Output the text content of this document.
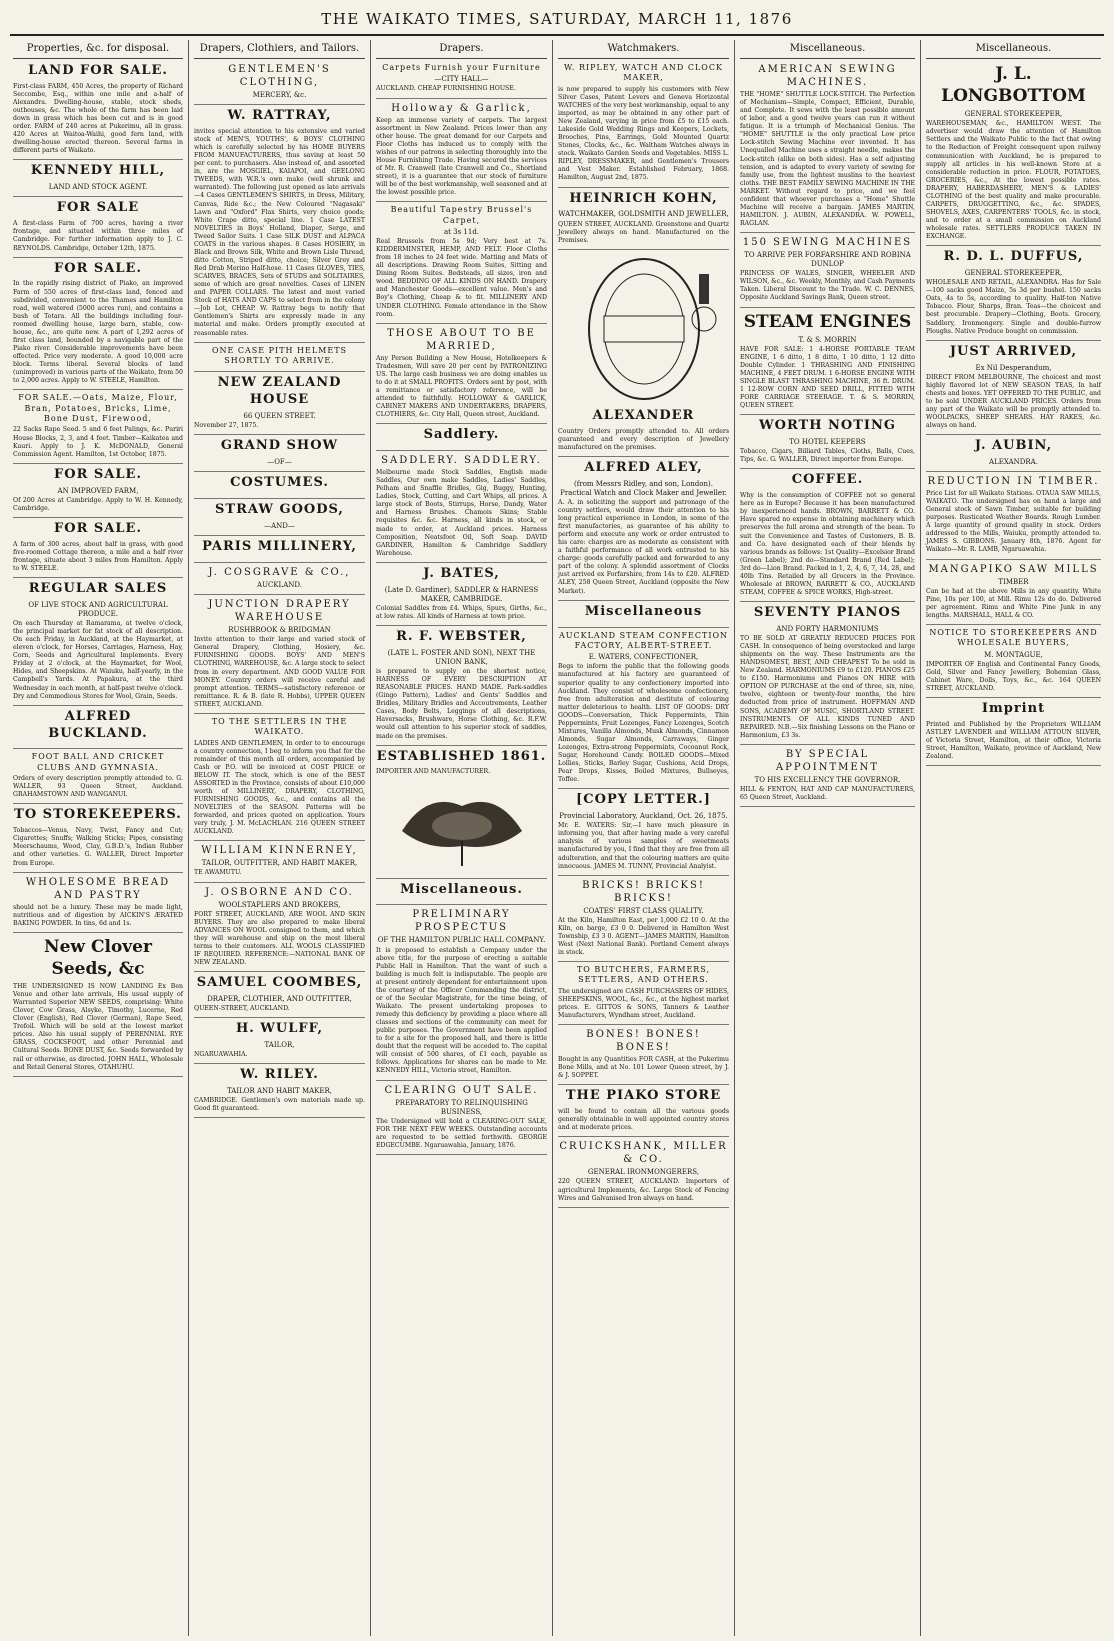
THE WAIKATO TIMES, SATURDAY, MARCH 11, 1876
Properties, &c. for disposal.
LAND FOR SALE.

First-class FARM, 450 Acres, the property of Richard Seccombe, Esq., within one mile and a-half of Alexandra. Dwelling-house, stable, stock sheds, outhouses, &c. The whole of the farm has been laid down in grass which has been cut and is in good order. FARM of 240 acres at Pukerimu, all in grass. 420 Acres at Waitoa-Waihi, good fern land, with dwelling-house erected thereon. Several farms in different parts of Waikato.

KENNEDY HILL,
LAND AND STOCK AGENT.
FOR SALE

A first-class Farm of 700 acres, having a river frontage, and situated within three miles of Cambridge. For further information apply to J. C. REYNOLDS. Cambridge, October 12th, 1875.

FOR SALE.

In the rapidly rising district of Piako, an improved Farm of 550 acres of first-class land, fenced and subdivided, convenient to the Thames and Hamilton road, well watered (5000 acres run), and contains a bush of Totara. All the buildings including four-roomed dwelling house, large barn, stable, cow-house, &c., are quite new. A part of 1,292 acres of first class land, bounded by a navigable part of the Piako river. Considerable improvements have been effected. Price very moderate. A good 10,000 acre block. Terms liberal. Several blocks of land (unimproved) in various parts of the Waikato, from 50 to 2,000 acres. Apply to W. STEELE, Hamilton.

FOR SALE.—Oats, Maize, Flour, Bran, Potatoes, Bricks, Lime, Bone Dust, Firewood,

22 Sacks Rape Seed. 5 and 6 feet Palings, &c. Puriri House Blocks, 2, 3, and 4 feet. Timber—Kaikatea and Kauri. Apply to J. K. McDONALD, General Commission Agent. Hamilton, 1st October, 1875.

FOR SALE.
AN IMPROVED FARM,

Of 200 Acres at Cambridge. Apply to W. H. Kennedy, Cambridge.

FOR SALE.

A farm of 300 acres, about half in grass, with good five-roomed Cottage thereon, a mile and a half river frontage, situate about 3 miles from Hamilton. Apply to W. STEELE.

REGULAR SALES
OF LIVE STOCK AND AGRICULTURAL PRODUCE.

On each Thursday at Ramarama, at twelve o'clock, the principal market for fat stock of all description. On each Friday, in Auckland, at the Haymarket, at eleven o'clock, for Horses, Carriages, Harness, Hay, Corn, Seeds and Agricultural Implements. Every Friday at 2 o'clock, at the Haymarket, for Wool, Hides, and Sheepskins. At Waiuku, half-yearly, in the Campbell's Yards. At Papakura, at the third Wednesday in each month, at half-past twelve o'clock. Dry and Commodious Stores for Wool, Grain, Seeds.

ALFRED BUCKLAND.
FOOT BALL AND CRICKET CLUBS AND GYMNASIA.

Orders of every description promptly attended to. G. WALLER, 93 Queen Street, Auckland. GRAHAMSTOWN AND WANGANUI.

TO STOREKEEPERS.

Tobaccos—Venus, Navy, Twist, Fancy and Cut; Cigarettes; Snuffs; Walking Sticks; Pipes, consisting Meerschaums, Wood, Clay, G.B.D.'s, Indian Rubber and other varieties. G. WALLER, Direct Importer from Europe.

WHOLESOME BREAD AND PASTRY

should not be a luxury. These may be made light, nutritious and of digestion by AICKIN'S ÆRATED BAKING POWDER. In tins, 6d and 1s.

New Clover Seeds, &c

THE UNDERSIGNED IS NOW LANDING Ex Ben Venue and other late arrivals, His usual supply of Warranted Superior NEW SEEDS, comprising: White Clover, Cow Grass, Alsyke, Timothy, Lucerne, Red Clover (English), Red Clover (German), Rape Seed, Trefoil. Which will be sold at the lowest market prices. Also his usual supply of PERENNIAL RYE GRASS, COCKSFOOT, and other Perennial and Cultural Seeds. BONE DUST, &c. Seeds forwarded by rail or otherwise, as directed. JOHN HALL, Wholesale and Retail General Stores, OTAHUHU.

Drapers, Clothiers, and Tailors.
GENTLEMEN'S CLOTHING,
MERCERY, &c.
W. RATTRAY,

invites special attention to his extensive and varied stock of MEN'S, YOUTHS', & BOYS' CLOTHING which is carefully selected by his HOME BUYERS FROM MANUFACTURERS, thus saving at least 50 per cent. to purchasers. Also instead of, and assorted in, are the MOSGIEL, KAIAPOI, and GEELONG TWEEDS, with W.R.'s own make (well shrunk and warranted). The following just opened as late arrivals—4 Cases GENTLEMEN'S SHIRTS, in Dress, Military, Canvas, Ride &c.; the New Coloured "Nagasaki" Lawn and "Oxford" Flax Shirts, very choice goods; White Crape ditto, special line. 1 Case LATEST NOVELTIES in Boys' Holland, Diaper, Serge, and Tweed Sailor Suits. 1 Case SILK DUST and ALPACA COATS in the various shapes. 8 Cases HOSIERY, in Black and Brown Silk, White and Brown Lisle Thread, ditto Cotton, Striped ditto, choice; Silver Grey and Red Drab Merino Half-hose. 11 Cases GLOVES, TIES, SCARVES, BRACES, Sets of STUDS and SOLITAIRES, some of which are great novelties. Cases of LINEN and PAPER COLLARS. The latest and most varied Stock of HATS AND CAPS to select from in the colony—Job Lot, CHEAP. W. Rattray begs to notify that Gentlemen's Shirts are expressly made in any material and make. Orders promptly executed at reasonable rates.

ONE CASE PITH HELMETS SHORTLY TO ARRIVE.
NEW ZEALAND HOUSE
66 QUEEN STREET.

November 27, 1875.

GRAND SHOW
—OF—
COSTUMES.
STRAW GOODS,
—AND—
PARIS MILLINERY,
J. COSGRAVE & CO.,
AUCKLAND.
JUNCTION DRAPERY WAREHOUSE
RUSHBROOK & BRIDGMAN

Invite attention to their large and varied stock of General Drapery, Clothing, Hosiery, &c. FURNISHING GOODS. BOYS' AND MEN'S CLOTHING, WAREHOUSE, &c. A large stock to select from in every department. AND GOOD VALUE FOR MONEY. Country orders will receive careful and prompt attention. TERMS—satisfactory reference or remittance. R. & B. (late R. Hobbs), UPPER QUEEN STREET, AUCKLAND.

TO THE SETTLERS IN THE WAIKATO.

LADIES AND GENTLEMEN, In order to to encourage a country connection, I beg to inform you that for the remainder of this month all orders, accompanied by Cash or P.O. will be invoiced at COST PRICE or BELOW IT. The stock, which is one of the BEST ASSORTED in the Province, consists of about £10,000 worth of MILLINERY, DRAPERY, CLOTHING, FURNISHING GOODS, &c., and contains all the NOVELTIES of the SEASON. Patterns will be forwarded, and prices quoted on application. Yours very truly, J. M. McLACHLAN. 216 QUEEN STREET AUCKLAND.

WILLIAM KINNERNEY,
TAILOR, OUTFITTER, AND HABIT MAKER,

TE AWAMUTU.

J. OSBORNE AND CO.
WOOLSTAPLERS AND BROKERS,

FORT STREET, AUCKLAND, ARE WOOL AND SKIN BUYERS. They are also prepared to make liberal ADVANCES ON WOOL consigned to them, and which they will warehouse and ship on the most liberal terms to their customers. ALL WOOLS CLASSIFIED IF REQUIRED. REFERENCE:—NATIONAL BANK OF NEW ZEALAND.

SAMUEL COOMBES,
DRAPER, CLOTHIER, AND OUTFITTER,

QUEEN-STREET, AUCKLAND.

H. WULFF,
TAILOR,

NGARUAWAHIA.

W. RILEY.
TAILOR AND HABIT MAKER,

CAMBRIDGE. Gentlemen's own materials made up. Good fit guaranteed.

Drapers.
Carpets Furnish your Furniture
—CITY HALL—

AUCKLAND. CHEAP FURNISHING HOUSE.

Holloway & Garlick,

Keep an immense variety of carpets. The largest assortment in New Zealand. Prices lower than any other house. The great demand for our Carpets and Floor Cloths has induced us to comply with the wishes of our patrons in selecting thoroughly into the House Furnishing Trade. Having secured the services of Mr. R. Cranwell (late Cranwell and Co., Shortland street), it is a guarantee that our stock of furniture will be of the best workmanship, well seasoned and at the lowest possible price.

Beautiful Tapestry Brussel's Carpet,
at 3s 11d.

Real Brussels from 5s 9d; Very best at 7s. KIDDERMINSTER, HEMP, AND FELT. Floor Cloths from 18 inches to 24 feet wide. Matting and Mats of all descriptions. Drawing Room Suites, Sitting and Dining Room Suites. Bedsteads, all sizes, iron and wood. BEDDING OF ALL KINDS ON HAND. Drapery and Manchester Goods—excellent value. Men's and Boy's Clothing, Cheap & to fit. MILLINERY AND UNDER CLOTHING. Female attendance in the Show room.

THOSE ABOUT TO BE MARRIED,

Any Person Building a New House, Hotelkeepers & Tradesmen, Will save 20 per cent by PATRONIZING US. The large cash business we are doing enables us to do it at SMALL PROFITS. Orders sent by post, with a remittance or satisfactory reference, will be attended to faithfully. HOLLOWAY & GARLICK, CABINET MAKERS AND UNDERTAKERS, DRAPERS, CLOTHIERS, &c. City Hall, Queen street, Auckland.

Saddlery.
SADDLERY. SADDLERY.

Melbourne made Stock Saddles, English made Saddles, Our own make Saddles, Ladies' Saddles, Pelham and Snaffle Bridles, Gig, Buggy, Hunting, Ladies, Stock, Cutting, and Cart Whips, all prices. A large stock of Boots, Stirrups, Horse, Dandy, Water and Harness Brushes. Chamois Skins; Stable requisites &c. &c. Harness, all kinds in stock, or made to order, at Auckland prices. Harness Composition, Neatsfoot Oil, Soft Soap. DAVID GARDINER, Hamilton & Cambridge Saddlery Warehouse.

J. BATES,
(Late D. Gardiner), SADDLER & HARNESS MAKER, CAMBRIDGE.

Colonial Saddles from £4. Whips, Spurs, Girths, &c., at low rates. All kinds of Harness at town price.

R. F. WEBSTER,
(LATE L. FOSTER AND SON), NEXT THE UNION BANK,

is prepared to supply on the shortest notice, HARNESS OF EVERY DESCRIPTION AT REASONABLE PRICES. HAND MADE. Park-saddles (Gingo Pattern), Ladies' and Gents' Saddles and Bridles, Military Bridles and Accoutrements, Leather Cases, Body Belts, Leggings of all descriptions, Haversacks, Brushware, Horse Clothing, &c. R.F.W. would call attention to his superior stock of saddles, made on the premises.

ESTABLISHED 1861.

IMPORTER AND MANUFACTURER.

Miscellaneous.
PRELIMINARY PROSPECTUS
OF THE HAMILTON PUBLIC HALL COMPANY.

It is proposed to establish a Company under the above title, for the purpose of erecting a suitable Public Hall in Hamilton. That the want of such a building is much felt is indisputable. The people are at present entirely dependent for entertainment upon the courtesy of the Officer Commanding the district, or of the Secular Magistrate, for the time being, of Waikato. The present undertaking proposes to remedy this deficiency by providing a place where all classes and sections of the community can meet for public purposes. The Government have been applied to for a site for the proposed hall, and there is little doubt that the request will be acceded to. The capital will consist of 500 shares, of £1 each, payable as follows. Applications for shares can be made to Mr. KENNEDY HILL, Victoria street, Hamilton.

CLEARING OUT SALE.
PREPARATORY TO RELINQUISHING BUSINESS,

The Undersigned will hold a CLEARING-OUT SALE, FOR THE NEXT FEW WEEKS. Outstanding accounts are requested to be settled forthwith. GEORGE EDGECUMBE. Ngaruawahia, January, 1876.

Watchmakers.
W. RIPLEY, WATCH AND CLOCK MAKER,

is now prepared to supply his customers with New Silver Cases, Patent Levers and Geneva Horizontal WATCHES of the very best workmanship, equal to any imported, as may be obtained in any other part of New Zealand, varying in price from £5 to £15 each. Lakeside Gold Wedding Rings and Keepers, Lockets, Brooches, Pins, Earrings, Gold Mounted Quartz Stones, Clocks, &c., &c. Waltham Watches always in stock. Waikato Garden Seeds and Vegetables. MISS L. RIPLEY, DRESSMAKER, and Gentlemen's Trousers and Vest Maker. Established February, 1868. Hamilton, August 2nd, 1875.

HEINRICH KOHN,
WATCHMAKER, GOLDSMITH AND JEWELLER,

QUEEN STREET, AUCKLAND. Greenstone and Quartz Jewellery always on hand. Manufactured on the Premises.

ALEXANDER

Country Orders promptly attended to. All orders guaranteed and every description of Jewellery manufactured on the premises.

ALFRED ALEY,
(from Messrs Ridley, and son, London). Practical Watch and Clock Maker and Jeweller.

A. A. in soliciting the support and patronage of the country settlers, would draw their attention to his long practical experience in London, in some of the first manufactories, as guarantee of his ability to perform and execute any work or order entrusted to his care: charges are as moderate as consistent with a faithful performance of all work entrusted to his charge: goods carefully packed and forwarded to any part of the colony. A splendid assortment of Clocks just arrived ex Forfarshire, from 14s to £20. ALFRED ALEY, 258 Queen Street, Auckland (opposite the New Market).

Miscellaneous
AUCKLAND STEAM CONFECTION FACTORY, ALBERT-STREET.
E. WATERS, CONFECTIONER,

Begs to inform the public that the following goods manufactured at his factory are guaranteed of superior quality to any confectionery imported into Auckland. They consist of wholesome confectionery, free from adulteration and destitute of colouring matter deleterious to health. LIST OF GOODS: DRY GOODS—Conversation, Thick Peppermints, Thin Peppermints, Fruit Lozenges, Fancy Lozenges, Scotch Mixtures, Vanilla Almonds, Musk Almonds, Cinnamon Almonds, Sugar Almonds, Carraways, Ginger Lozenges, Extra-strong Peppermints, Cocoanut Rock, Sugar, Horehound Candy. BOILED GOODS—Mixed Lollies, Sticks, Barley Sugar, Cushions, Acid Drops, Pear Drops, Kisses, Boiled Mixtures, Bullseyes, Toffee.

[COPY LETTER.]
Provincial Laboratory, Auckland, Oct. 26, 1875.

Mr. E. WATERS: Sir,—I have much pleasure in informing you, that after having made a very careful analysis of various samples of sweetmeats manufactured by you, I find that they are free from all adulteration, and that the colouring matters are quite innocuous. JAMES M. TUNNY, Provincial Analyist.

BRICKS! BRICKS! BRICKS!
COATES' FIRST CLASS QUALITY.

At the Kiln, Hamilton East, per 1,000 £2 10 0. At the Kiln, on barge, £3 0 0. Delivered in Hamilton West Township, £3 3 0. AGENT—JAMES MARTIN, Hamilton West (Next National Bank). Portland Cement always in stock.

TO BUTCHERS, FARMERS, SETTLERS, AND OTHERS.

The undersigned are CASH PURCHASERS OF HIDES, SHEEPSKINS, WOOL, &c., &c., at the highest market prices. E. GITTOS & SONS, Tanners & Leather Manufacturers, Wyndham street, Auckland.

BONES! BONES! BONES!

Bought in any Quantities FOR CASH, at the Pukerimu Bone Mills, and at No. 101 Lower Queen street, by J. & J. SOPPET.

THE PIAKO STORE

will be found to contain all the various goods generally obtainable in well appointed country stores and at moderate prices.

CRUICKSHANK, MILLER & CO.
GENERAL IRONMONGERERS,

220 QUEEN STREET, AUCKLAND. Importers of agricultural Implements, &c. Large Stock of Fencing Wires and Galvanised Iron always on hand.

Miscellaneous.
AMERICAN SEWING MACHINES.

THE "HOME" SHUTTLE LOCK-STITCH. The Perfection of Mechanism—Simple, Compact, Efficient, Durable, and Complete. It sews with the least possible amount of labor, and a good twelve years can run it without fatigue. It is a triumph of Mechanical Genius. The "HOME" SHUTTLE is the only practical Low price Lock-stitch Sewing Machine ever invented. It has Unequalled Machine uses a straight needle, makes the Lock-stitch (alike on both sides). Has a self adjusting tension, and is adapted to every variety of sewing for family use, from the lightest muslins to the heaviest cloths. THE BEST FAMILY SEWING MACHINE IN THE MARKET. Without regard to price, and we feel confident that whoever purchases a "Home" Shuttle Machine will receive a bargain. JAMES MARTIN, HAMILTON. J. AUBIN, ALEXANDRA. W. POWELL, RAGLAN.

150 SEWING MACHINES
TO ARRIVE PER FORFARSHIRE AND ROBINA DUNLOP

PRINCESS OF WALES, SINGER, WHEELER AND WILSON, &c., &c. Weekly, Monthly, and Cash Payments Taken. Liberal Discount to the Trade. W. C. DENNES, Opposite Auckland Savings Bank, Queen street.

STEAM ENGINES
T. & S. MORRIN

HAVE FOR SALE: 1 4-HORSE PORTABLE TEAM ENGINE, 1 6 ditto, 1 8 ditto, 1 10 ditto, 1 12 ditto Double Cylinder. 1 THRASHING AND FINISHING MACHINE, 4 FEET DRUM. 1 6-HORSE ENGINE WITH SINGLE BLAST THRASHING MACHINE, 36 ft. DRUM. 1 12-ROW CORN AND SEED DRILL, FITTED WITH FORE CARRIAGE STEERAGE. T. & S. MORRIN, QUEEN STREET.

WORTH NOTING
TO HOTEL KEEPERS

Tobacco, Cigars, Billiard Tables, Cloths, Balls, Cues, Tips, &c. G. WALLER, Direct importer from Europe.

COFFEE.

Why is the consumption of COFFEE not so general here as in Europe? Because it has been manufactured by inexperienced hands. BROWN, BARRETT & CO. Have spared no expense in obtaining machinery which preserves the full aroma and strength of the bean. To suit the Convenience and Tastes of Customers, B. B. and Co. have designated each of their blends by various brands as follows: 1st Quality—Excelsior Brand (Green Label); 2nd do—Standard Brand (Red Label); 3rd do—Lion Brand. Packed in 1, 2, 4, 6, 7, 14, 28, and 40lb Tins. Retailed by all Grocers in the Province. Wholesale at BROWN, BARRETT & CO., AUCKLAND STEAM, COFFEE & SPICE WORKS, High-street.

SEVENTY PIANOS
AND FORTY HARMONIUMS

TO BE SOLD AT GREATLY REDUCED PRICES FOR CASH. In consequence of being overstocked and large shipments on the way. These Instruments are the HANDSOMEST, BEST, AND CHEAPEST To be sold in New Zealand. HARMONIUMS £9 to £120. PIANOS £25 to £150. Harmoniums and Pianos ON HIRE with OPTION OF PURCHASE at the end of three, six, nine, twelve, eighteen or twenty-four months, the hire deducted from price of instrument. HOFFMAN AND SONS, ACADEMY OF MUSIC, SHORTLAND STREET. INSTRUMENTS OF ALL KINDS TUNED AND REPAIRED. N.B.—Six finishing Lessons on the Piano or Harmonium, £3 3s.

BY SPECIAL APPOINTMENT
TO HIS EXCELLENCY THE GOVERNOR.

HILL & FENTON, HAT AND CAP MANUFACTURERS, 65 Queen Street, Auckland.

Miscellaneous.
J. L. LONGBOTTOM
GENERAL STOREKEEPER,

WAREHOUSEMAN, &c., HAMILTON WEST. The advertiser would draw the attention of Hamilton Settlers and the Waikato Public to the fact that owing to the Reduction of Freight consequent upon railway communication with Auckland, he is prepared to supply all articles in his well-known Store at a considerable reduction in price. FLOUR, POTATOES, GROCERIES, &c., At the lowest possible rates. DRAPERY, HABERDASHERY, MEN'S & LADIES' CLOTHING of the best quality and make procurable. CARPETS, DRUGGETTING, &c., &c. SPADES, SHOVELS, AXES, CARPENTERS' TOOLS, &c. in stock, and to order at a small commission on Auckland wholesale rates. SETTLERS PRODUCE TAKEN IN EXCHANGE.

R. D. L. DUFFUS,
GENERAL STOREKEEPER,

WHOLESALE AND RETAIL, ALEXANDRA. Has for Sale—100 sacks good Maize, 5s 3d per bushel. 150 sacks Oats, 4s to 5s, according to quality. Half-ton Native Tobacco. Flour, Sharps, Bran. Teas—the choicest and best procurable. Drapery—Clothing, Boots. Grocery, Saddlery, Ironmongery. Single and double-furrow Ploughs. Native Produce bought on commission.

JUST ARRIVED,
Ex Nil Desperandum,

DIRECT FROM MELBOURNE, The choicest and most highly flavored lot of NEW SEASON TEAS, In half chests and boxes. YET OFFERED TO THE PUBLIC, and to be sold UNDER AUCKLAND PRICES. Orders from any part of the Waikato will be promptly attended to. WOOLPACKS, SHEEP SHEARS. HAY RAKES, &c. always on hand.

J. AUBIN,
ALEXANDRA.
REDUCTION IN TIMBER.

Price List for all Waikato Stations. OTAUA SAW MILLS, WAIKATO. The undersigned has on hand a large and General stock of Sawn Timber, suitable for building purposes. Rusticated Weather Boards. Rough Lumber. A large quantity of ground quality in stock. Orders addressed to the Mills, Waiuku, promptly attended to. JAMES S. GIBBONS. January 8th, 1876. Agent for Waikato—Mr. R. LAMB, Ngaruawahia.

MANGAPIKO SAW MILLS
TIMBER

Can be had at the above Mills in any quantity. White Pine, 10s per 100, at Mill. Rimu 12s do do. Delivered per agreement. Rimu and White Pine Junk in any lengths. MARSHALL, HALL & CO.

NOTICE TO STOREKEEPERS AND WHOLESALE BUYERS,
M. MONTAGUE,

IMPORTER OF English and Continental Fancy Goods, Gold, Silver and Fancy Jewellery, Bohemian Glass, Cabinet Ware, Dolls, Toys, &c., &c. 164 QUEEN STREET, AUCKLAND.

Imprint

Printed and Published by the Proprietors WILLIAM ASTLEY LAVENDER and WILLIAM ATTOUN SILVER, of Victoria Street, Hamilton, at their office, Victoria Street, Hamilton, Waikato, province of Auckland, New Zealand.
